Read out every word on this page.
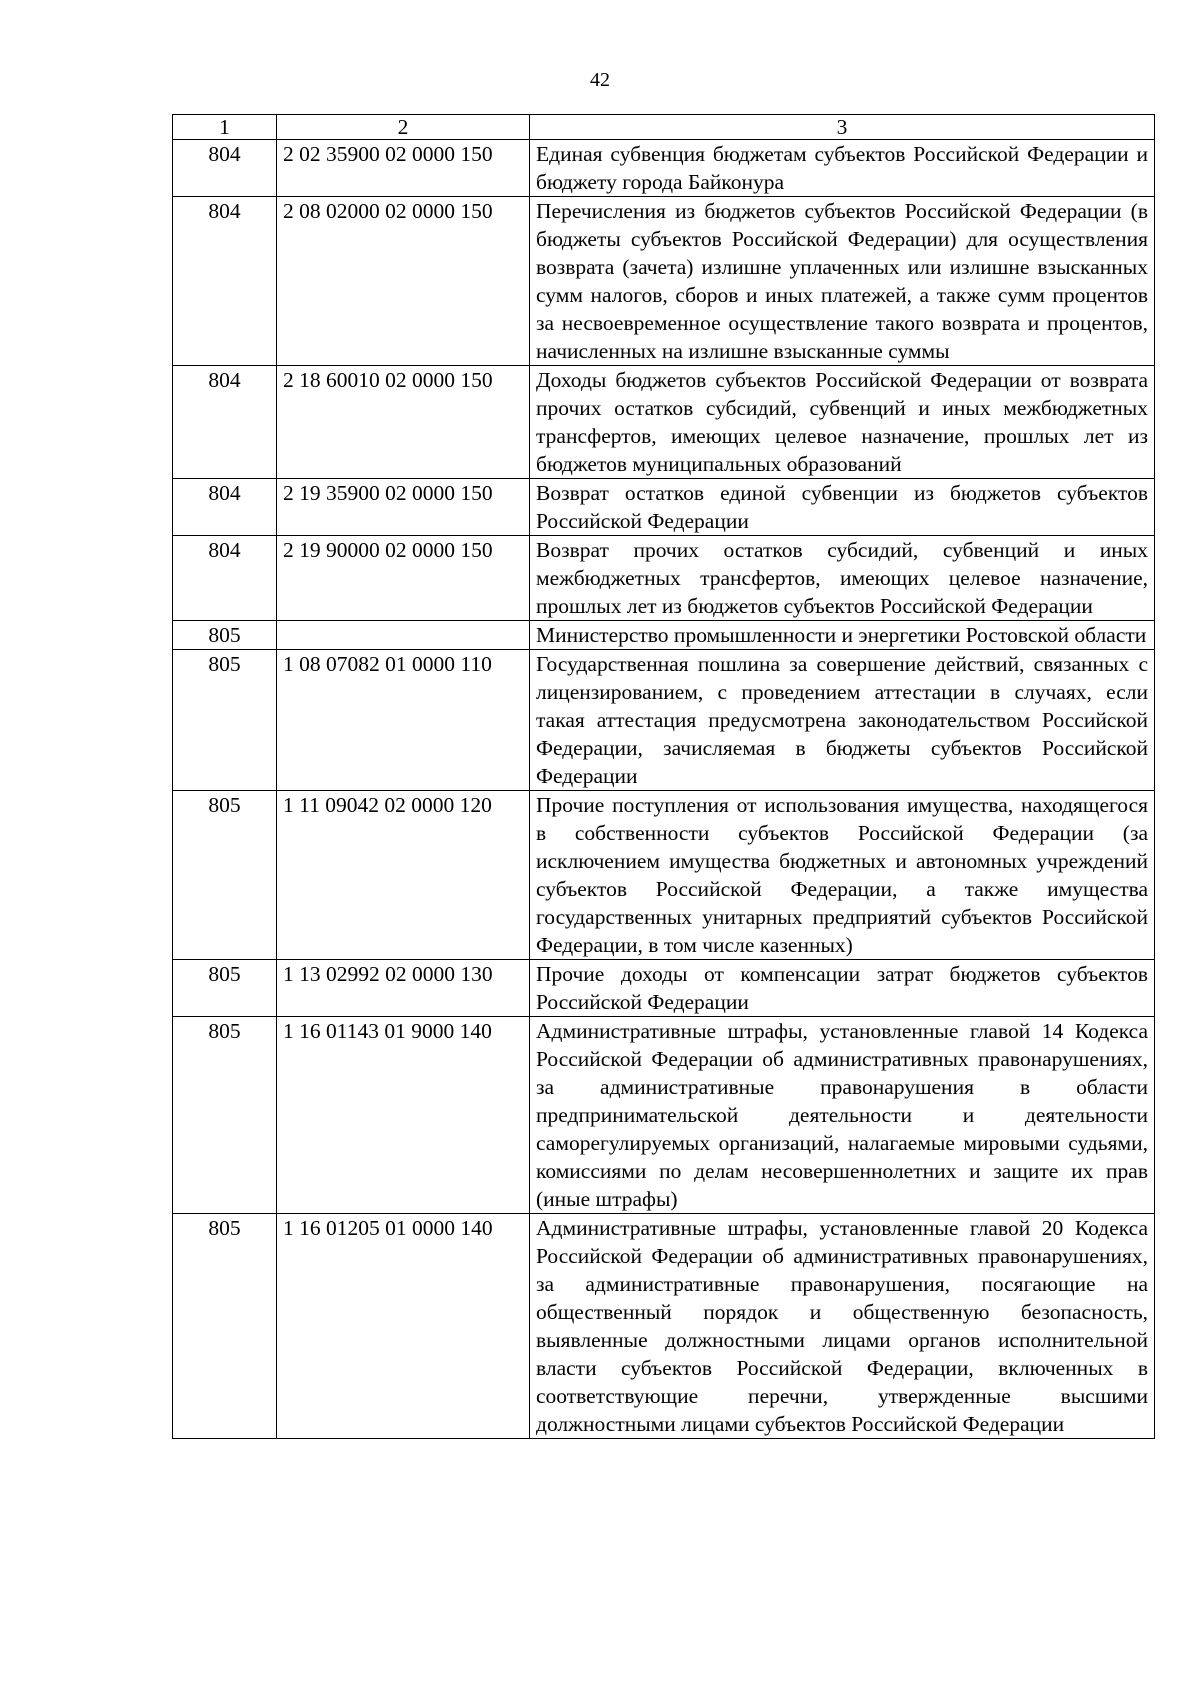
42
1	2	3
804	2 02 35900 02 0000 150	Единая субвенция бюджетам субъектов Российской Федерации и бюджету города Байконура
804	2 08 02000 02 0000 150	Перечисления из бюджетов субъектов Российской Федерации (в бюджеты субъектов Российской Федерации) для осуществления возврата (зачета) излишне уплаченных или излишне взысканных сумм налогов, сборов и иных платежей, а также сумм процентов за несвоевременное осуществление такого возврата и процентов, начисленных на излишне взысканные суммы
804	2 18 60010 02 0000 150	Доходы бюджетов субъектов Российской Федерации от возврата прочих остатков субсидий, субвенций и иных межбюджетных трансфертов, имеющих целевое назначение, прошлых лет из бюджетов муниципальных образований
804	2 19 35900 02 0000 150	Возврат остатков единой субвенции из бюджетов субъектов Российской Федерации
804	2 19 90000 02 0000 150	Возврат прочих остатков субсидий, субвенций и иных межбюджетных трансфертов, имеющих целевое назначение, прошлых лет из бюджетов субъектов Российской Федерации
805		Министерство промышленности и энергетики Ростовской области
805	1 08 07082 01 0000 110	Государственная пошлина за совершение действий, связанных с лицензированием, с проведением аттестации в случаях, если такая аттестация предусмотрена законодательством Российской Федерации, зачисляемая в бюджеты субъектов Российской Федерации
805	1 11 09042 02 0000 120	Прочие поступления от использования имущества, находящегося в собственности субъектов Российской Федерации (за исключением имущества бюджетных и автономных учреждений субъектов Российской Федерации, а также имущества государственных унитарных предприятий субъектов Российской Федерации, в том числе казенных)
805	1 13 02992 02 0000 130	Прочие доходы от компенсации затрат бюджетов субъектов Российской Федерации
805	1 16 01143 01 9000 140	Административные штрафы, установленные главой 14 Кодекса Российской Федерации об административных правонарушениях, за административные правонарушения в области предпринимательской деятельности и деятельности саморегулируемых организаций, налагаемые мировыми судьями, комиссиями по делам несовершеннолетних и защите их прав (иные штрафы)
805	1 16 01205 01 0000 140	Административные штрафы, установленные главой 20 Кодекса Российской Федерации об административных правонарушениях, за административные правонарушения, посягающие на общественный порядок и общественную безопасность, выявленные должностными лицами органов исполнительной власти субъектов Российской Федерации, включенных в соответствующие перечни, утвержденные высшими должностными лицами субъектов Российской Федерации
